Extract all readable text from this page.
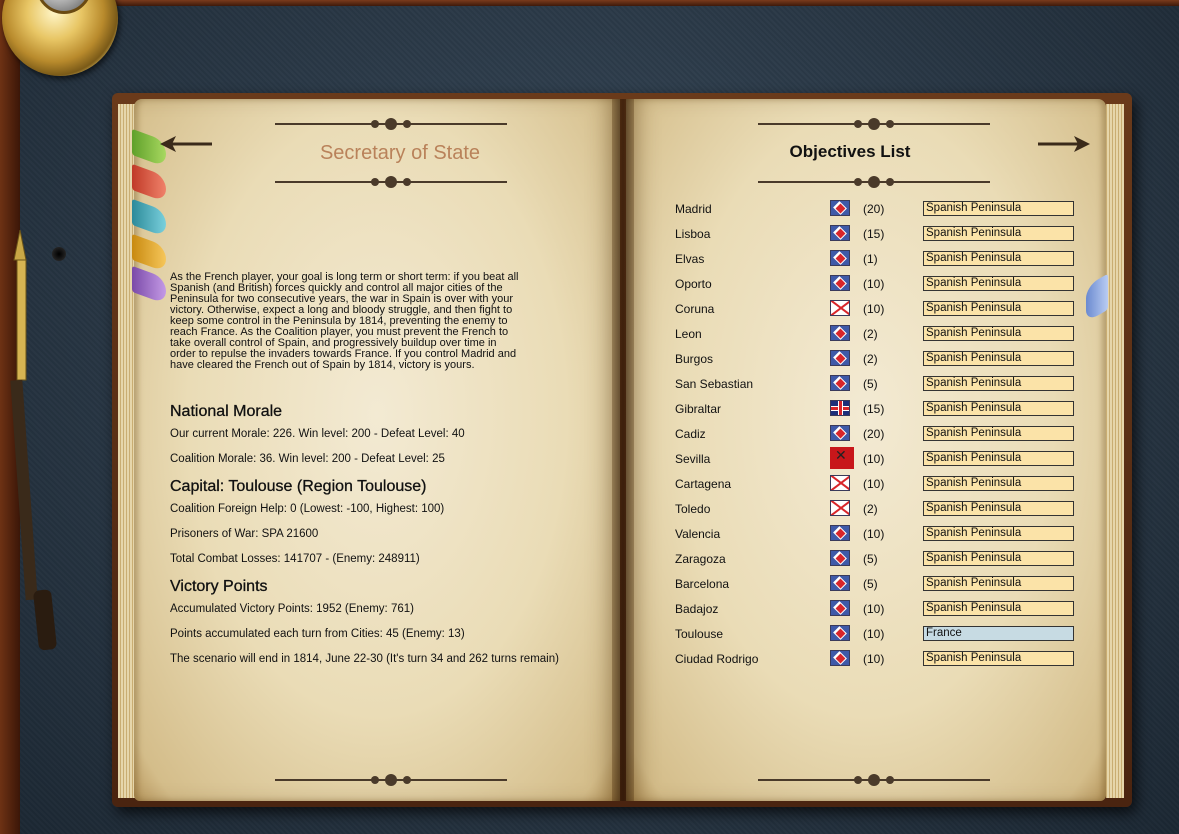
Secretary of State
As the French player, your goal is long term or short term: if you beat all Spanish (and British) forces quickly and control all major cities of the Peninsula for two consecutive years, the war in Spain is over with your victory. Otherwise, expect a long and bloody struggle, and then fight to keep some control in the Peninsula by 1814, preventing the enemy to reach France. As the Coalition player, you must prevent the French to take overall control of Spain, and progressively buildup over time in order to repulse the invaders towards France. If you control Madrid and have cleared the French out of Spain by 1814, victory is yours.
National Morale
Our current Morale: 226. Win level: 200 - Defeat Level: 40
Coalition Morale: 36. Win level: 200 - Defeat Level: 25
Capital: Toulouse (Region Toulouse)
Coalition Foreign Help: 0 (Lowest: -100, Highest: 100)
Prisoners of War: SPA 21600
Total Combat Losses: 141707 - (Enemy: 248911)
Victory Points
Accumulated Victory Points: 1952 (Enemy: 761)
Points accumulated each turn from Cities: 45 (Enemy: 13)
The scenario will end in 1814, June 22-30 (It's turn 34 and 262 turns remain)
Objectives List
Madrid	(20)	Spanish Peninsula
Lisboa	(15)	Spanish Peninsula
Elvas	(1)	Spanish Peninsula
Oporto	(10)	Spanish Peninsula
Coruna	(10)	Spanish Peninsula
Leon	(2)	Spanish Peninsula
Burgos	(2)	Spanish Peninsula
San Sebastian	(5)	Spanish Peninsula
Gibraltar	(15)	Spanish Peninsula
Cadiz	(20)	Spanish Peninsula
Sevilla
✕	(10)	Spanish Peninsula
Cartagena	(10)	Spanish Peninsula
Toledo	(2)	Spanish Peninsula
Valencia	(10)	Spanish Peninsula
Zaragoza	(5)	Spanish Peninsula
Barcelona	(5)	Spanish Peninsula
Badajoz	(10)	Spanish Peninsula
Toulouse	(10)	France
Ciudad Rodrigo	(10)	Spanish Peninsula
